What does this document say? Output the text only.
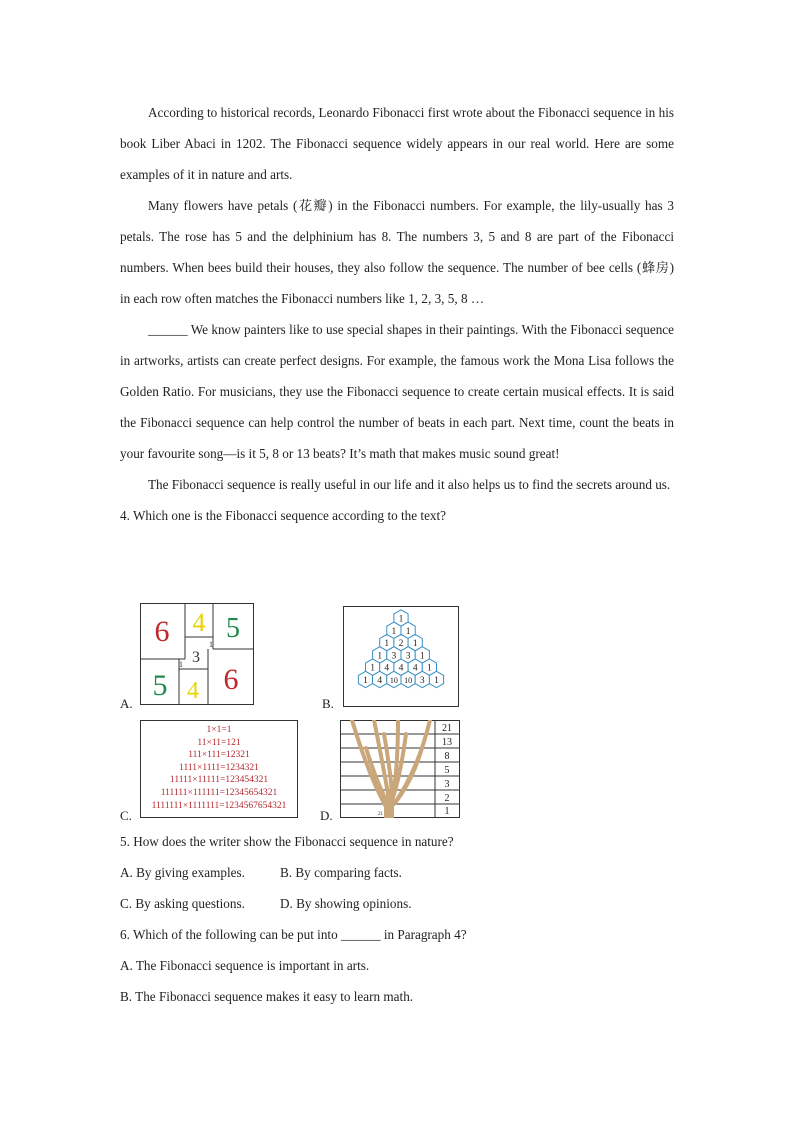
According to historical records, Leonardo Fibonacci first wrote about the Fibonacci sequence in his book Liber Abaci in 1202. The Fibonacci sequence widely appears in our real world. Here are some examples of it in nature and arts.

Many flowers have petals (花瓣) in the Fibonacci numbers. For example, the lily-usually has 3 petals. The rose has 5 and the delphinium has 8. The numbers 3, 5 and 8 are part of the Fibonacci numbers. When bees build their houses, they also follow the sequence. The number of bee cells (蜂房) in each row often matches the Fibonacci numbers like 1, 2, 3, 5, 8 …

______ We know painters like to use special shapes in their paintings. With the Fibonacci sequence in artworks, artists can create perfect designs. For example, the famous work the Mona Lisa follows the Golden Ratio. For musicians, they use the Fibonacci sequence to create certain musical effects. It is said the Fibonacci sequence can help control the number of beats in each part. Next time, count the beats in your favourite song—is it 5, 8 or 13 beats? It’s math that makes music sound great!

The Fibonacci sequence is really useful in our life and it also helps us to find the secrets around us.

4. Which one is the Fibonacci sequence according to the text?

6 4 5
1
3
1
5 4 6
A.
1
1 1
1 2 1
1 3 3 1
1 4 4 4 1
1 4 10 10 3 1
B.
1×1=1
11×11=121
111×111=12321
1111×1111=1234321
11111×11111=123454321
111111×111111=12345654321
1111111×1111111=1234567654321
C.
21
13
8
5
3
2
1
21
D.

5. How does the writer show the Fibonacci sequence in nature?

A. By giving examples.	B. By comparing facts.

C. By asking questions.	D. By showing opinions.

6. Which of the following can be put into ______ in Paragraph 4?

A. The Fibonacci sequence is important in arts.

B. The Fibonacci sequence makes it easy to learn math.
